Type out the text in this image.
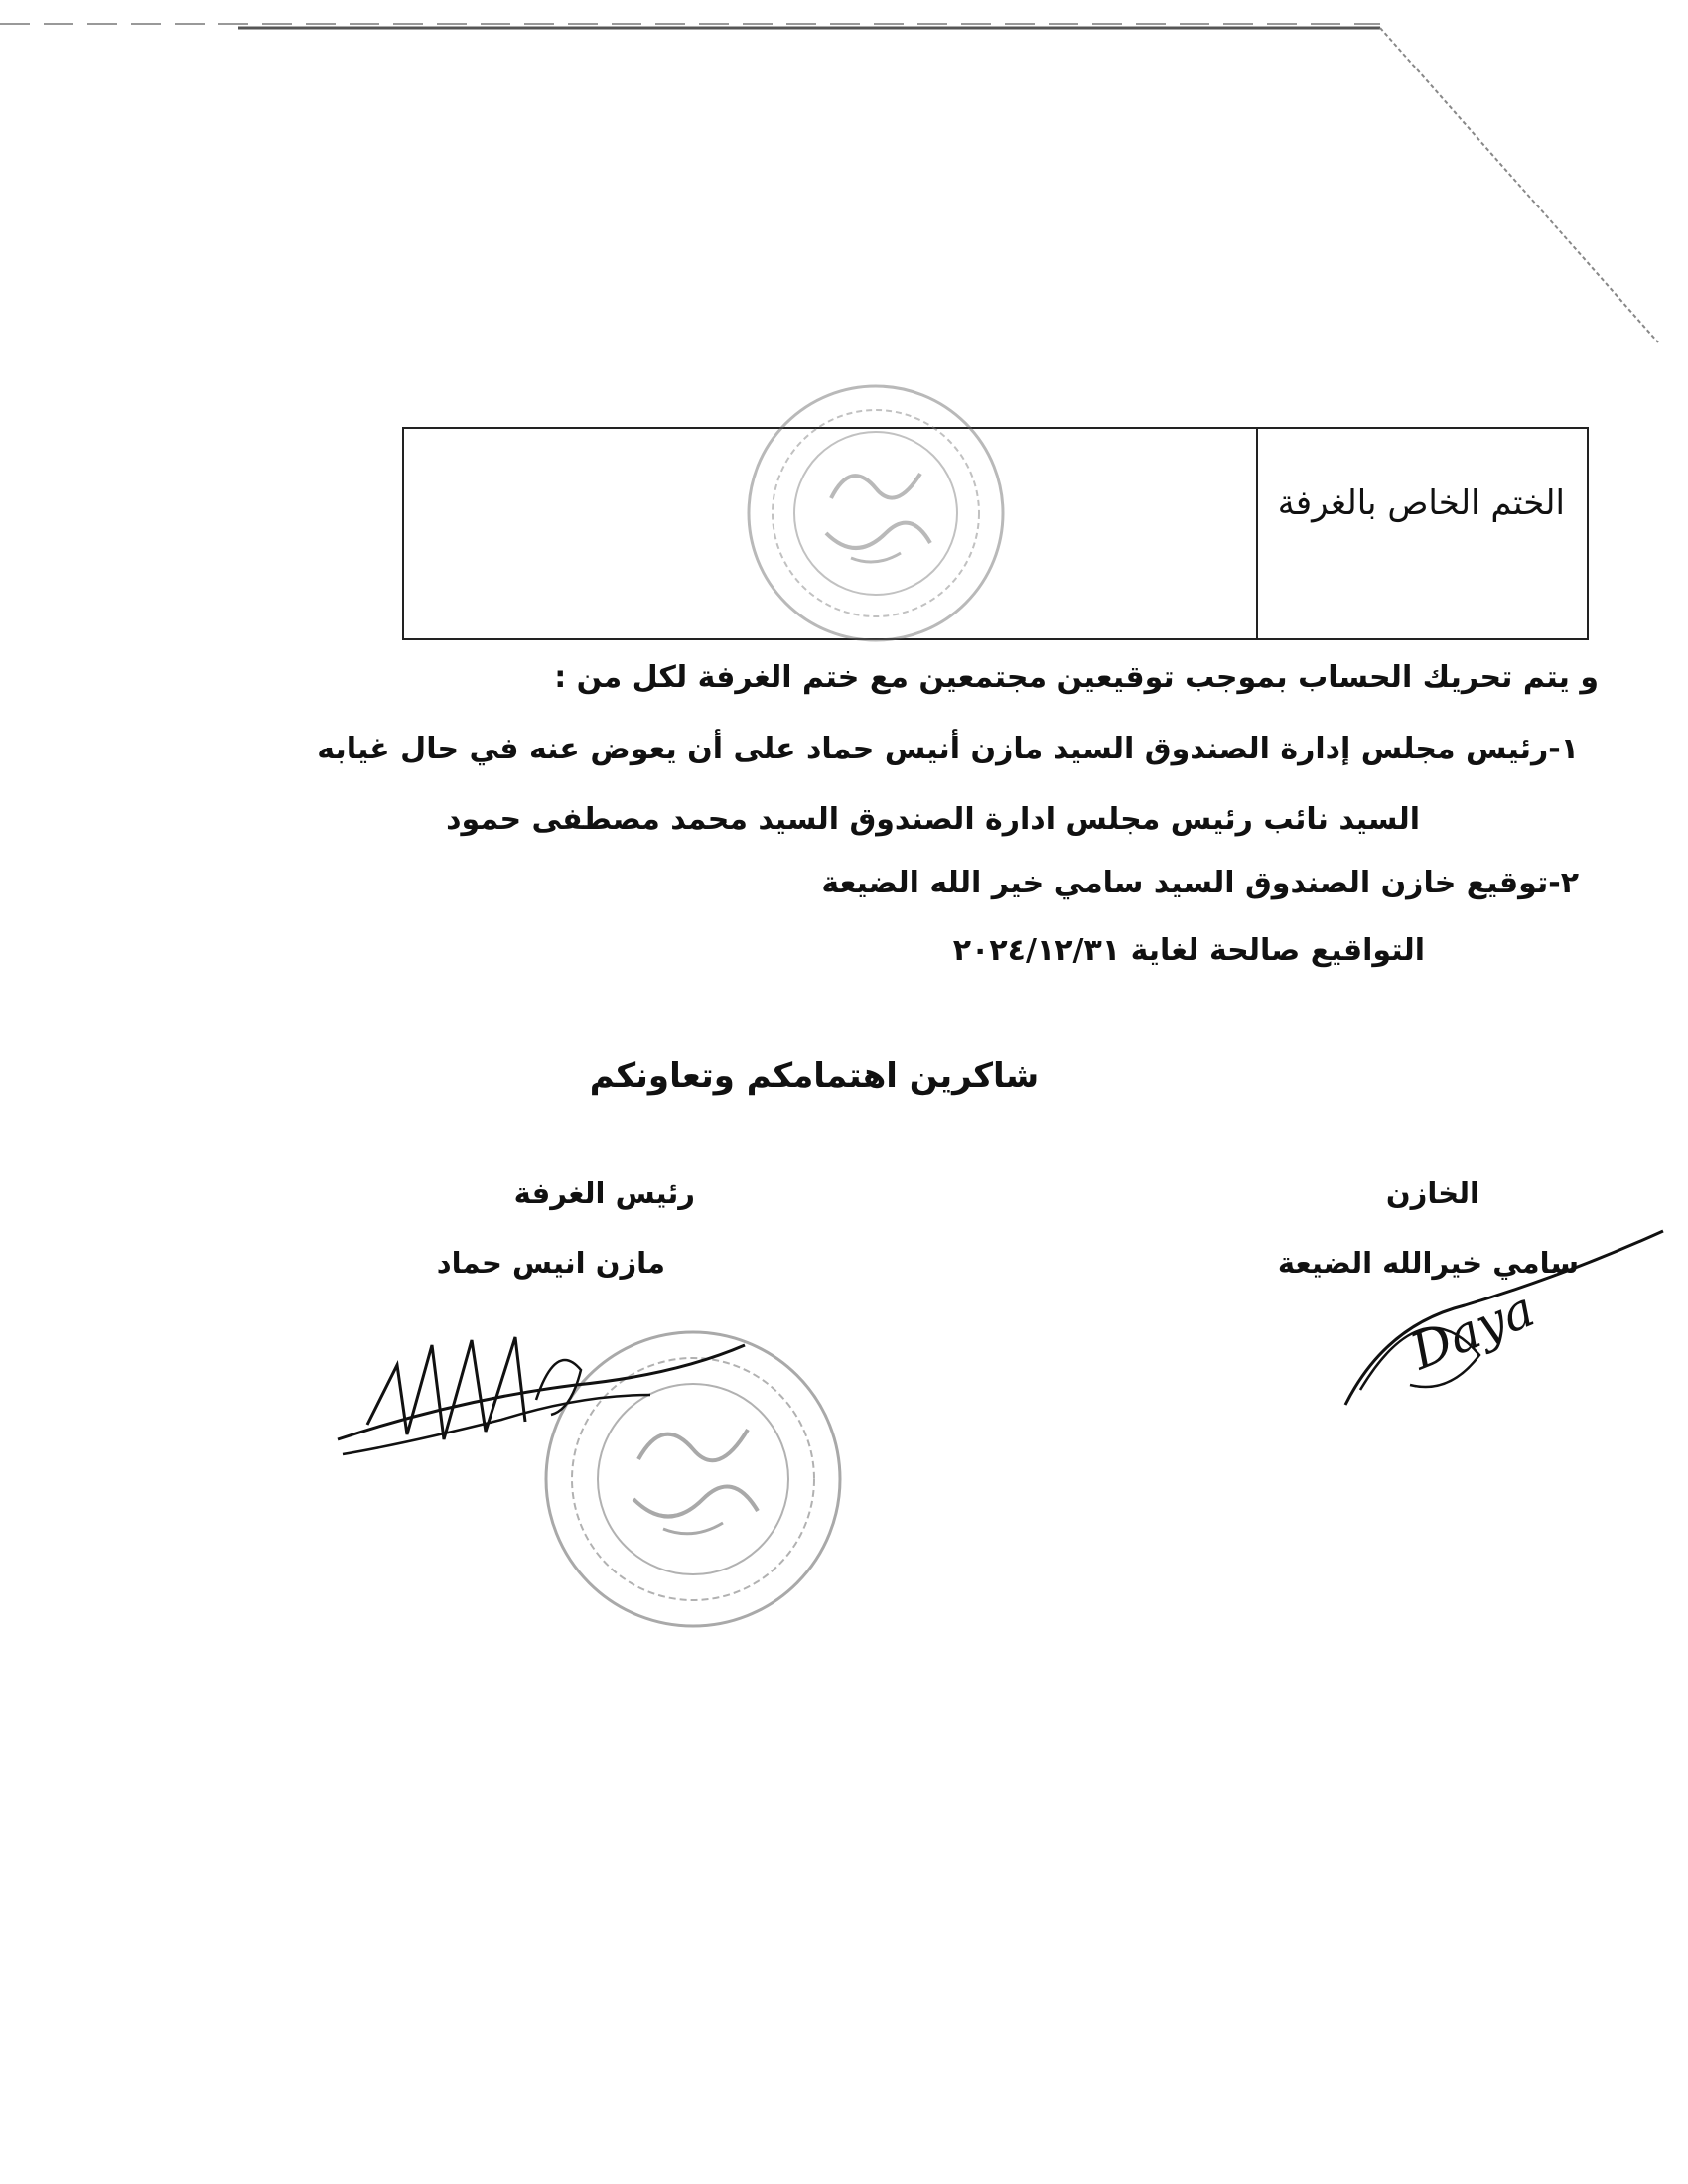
الختم الخاص بالغرفة
و يتم تحريك الحساب بموجب توقيعين مجتمعين مع ختم الغرفة لكل من :
١-رئيس مجلس إدارة الصندوق السيد مازن أنيس حماد على أن يعوض عنه في حال غيابه
السيد نائب رئيس مجلس ادارة الصندوق السيد محمد مصطفى حمود
٢-توقيع خازن الصندوق السيد سامي خير الله الضيعة
التواقيع صالحة لغاية ٢٠٢٤/١٢/٣١
شاكرين اهتمامكم وتعاونكم
رئيس الغرفة
مازن انيس حماد
الخازن
سامي خيرالله الضيعة
Daya
